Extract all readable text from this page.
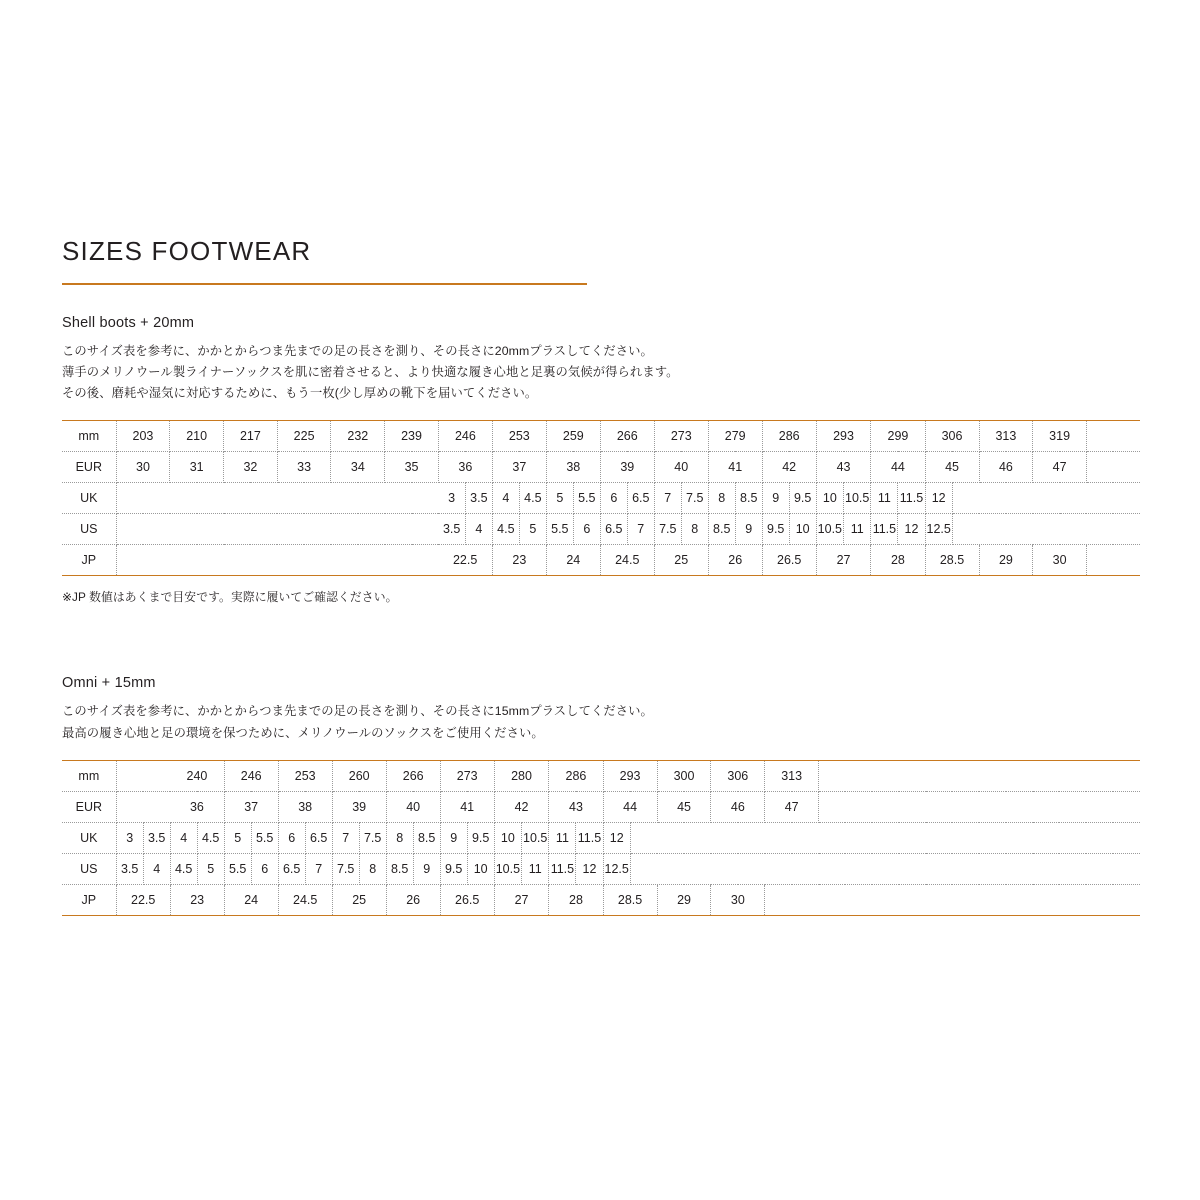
SIZES FOOTWEAR
Shell boots + 20mm
このサイズ表を参考に、かかとからつま先までの足の長さを測り、その長さに20mmプラスしてください。
薄手のメリノウール製ライナーソックスを肌に密着させると、より快適な履き心地と足裏の気候が得られます。
その後、磨耗や湿気に対応するために、もう一枚(少し厚めの靴下を届いてください。
mm	203	210	217	225	232	239	246		253		259		266		273		279		286		293		299		306		313	319	
EUR	30	31	32	33	34	35	36		37		38		39		40		41		42		43		44		45		46	47	
UK							3	3.5	4	4.5	5	5.5	6	6.5	7	7.5	8	8.5	9	9.5	10	10.5	11	11.5	12				
US							3.5	4	4.5	5	5.5	6	6.5	7	7.5	8	8.5	9	9.5	10	10.5	11	11.5	12	12.5				
JP							22.5		23		24		24.5		25		26		26.5		27		28		28.5		29	30	
※JP 数値はあくまで目安です。実際に履いてご確認ください。
Omni + 15mm
このサイズ表を参考に、かかとからつま先までの足の長さを測り、その長さに15mmプラスしてください。
最高の履き心地と足の環境を保つために、メリノウールのソックスをご使用ください。
mm			240		246		253		260		266		273		280		286		293		300	306	313	
EUR			36		37		38		39		40		41		42		43		44		45	46	47	
UK	3	3.5	4	4.5	5	5.5	6	6.5	7	7.5	8	8.5	9	9.5	10	10.5	11	11.5	12					
US	3.5	4	4.5	5	5.5	6	6.5	7	7.5	8	8.5	9	9.5	10	10.5	11	11.5	12	12.5					
JP	22.5		23		24		24.5		25		26		26.5		27		28		28.5		29	30		
